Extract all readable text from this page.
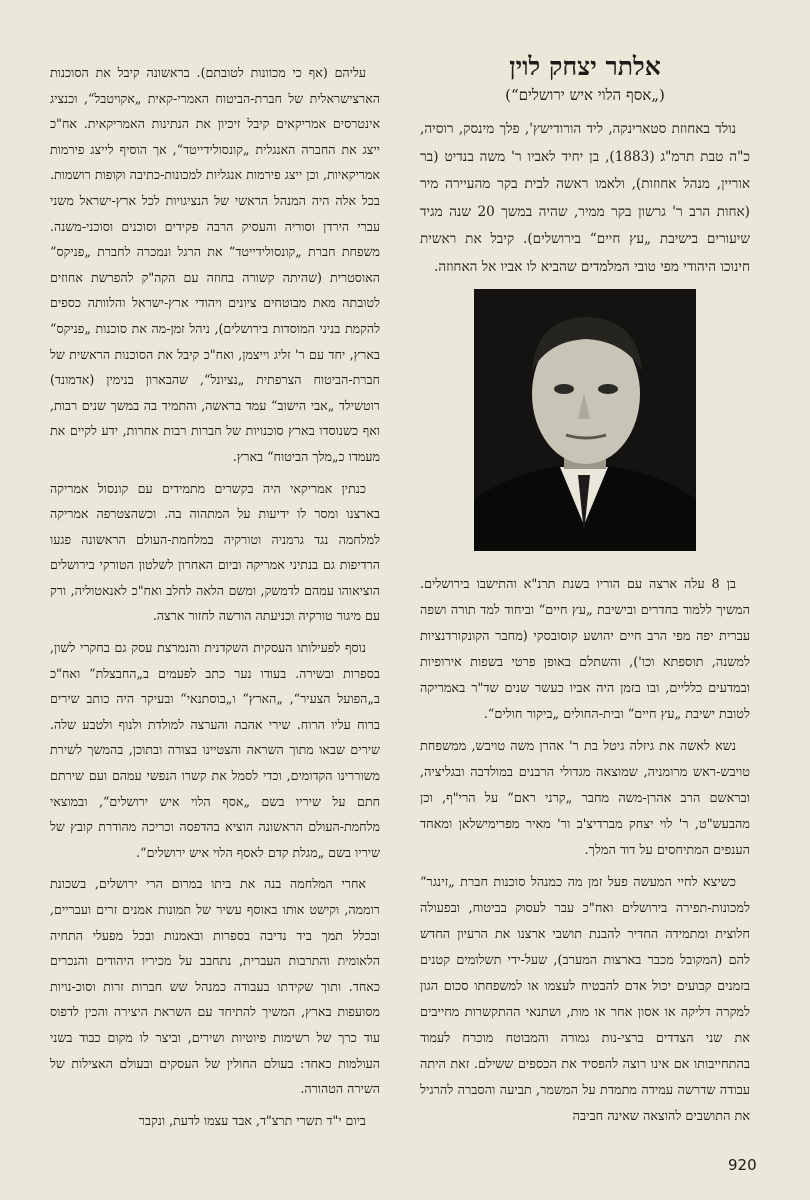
אלתר יצחק לוין

(„אסף הלוי איש ירושלים“)

נולד באחוזת סטארינקה, ליד הורודישץ', פלך מינסק, רוסיה, כ"ה טבת תרמ"ג (1883), בן יחיד לאביו ר' משה בנדיט (בר אוריין, מנהל אחוזות), ולאמו ראשה לבית בקר מהעיירה מיר (אחות הרב ר' גרשון בקר ממיר, שהיה במשך 20 שנה מגיד שיעורים בישיבת „עץ חיים“ בירושלים). קיבל את ראשית חינוכו היהודי מפי טובי המלמדים שהביא לו אביו אל האחוזה.

בן 8 עלה ארצה עם הוריו בשנת תרנ"א והתישבו בירושלים. המשיך ללמוד בחדרים ובישיבת „עץ חיים“ וביחוד למד תורה ושפה עברית יפה מפי הרב חיים יהושע קוסובסקי (מחבר הקונקורדנציות למשנה, תוספתא וכו'), והשתלם באופן פרטי בשפות אירופיות ובמדעים כלליים, ובו בזמן היה אביו כעשר שנים שד"ר באמריקה לטובת ישיבת „עץ חיים“ ובית-החולים „ביקור חולים“.

נשא לאשה את גיזלה גיטל בת ר' אהרן משה טויבש, ממשפחת טויבש-ראש מרומניה, שמוצאה מגדולי הרבנים במולדבה ובגליציה, ובראשם הרב אהרן-משה מחבר „קרני ראם“ על הרי"ף, וכן מהבעש"ט, ר' לוי יצחק מברדיצ'ב ור' מאיר מפרימישלאן ומאחד הענפים המתיחסים על דוד המלך.

כשיצא לחיי המעשה פעל זמן מה כמנהל סוכנות חברת „זינגר“ למכונות-תפירה בירושלים ואח"כ עבר לעסוק בביטוח, ובפעולה חלוצית ומתמידה החדיר להבנת תושבי ארצנו את הרעיון החדש להם (המקובל מכבר בארצות המערב), שעל-ידי תשלומים קטנים בזמנים קבועים יכול אדם להבטיח לעצמו או למשפחתו סכום הגון למקרה דליקה או אסון אחר או מות, ושתנאי ההתקשרות מחייבים את שני הצדדים ברצי-נות גמורה והמבוטח מוכרח לעמוד בהתחייבותו אם אינו רוצה להפסיד את הכספים ששילם. זאת היתה עבודה שדרשה עמידה מתמדת על המשמר, תביעה והסברה להרגיל את התושבים להוצאה שאינה חביבה

עליהם (אף כי מכוונות לטובתם). בראשונה קיבל את הסוכנות הארצישראלית של חברת-הביטוח האמרי-קאית „אקויטבל“, וכנציג אינטרסים אמריקאים קיבל זיכיון את הנתינות האמריקאית. אח"כ ייצג את החברה האנגלית „קונסולידייטד“, אך הוסיף לייצג פירמות אמריקאיות, וכן ייצג פירמות אנגליות למכונות-כתיבה וקופות רושמות. בכל אלה היה המנהל הראשי של הנציגויות לכל ארץ-ישראל משני עברי הירדן וסוריה והעסיק הרבה פקידים וסוכנים וסוכני-משנה. משפחת חברת „קונסולידייטד“ את הרגל ונמכרה לחברת „פניקס“ האוסטרית (שהיתה קשורה בחוזה עם הקה"ק להפרשת אחוזים לטובתה מאת מבוטחים ציונים ויהודי ארץ-ישראל והלוותה כספים להקמת בניני המוסדות בירושלים), ניהל זמן-מה את סוכנות „פניקס“ בארץ, יחד עם ר' זליג וייצמן, ואח"כ קיבל את הסוכנות הראשית של חברת-הביטוח הצרפתית „נציונל“, שהבארון בנימין (אדמונד) רוטשילד „אבי הישוב“ עמד בראשה, והתמיד בה במשך שנים רבות, ואף כשנוסדו בארץ סוכנויות של חברות רבות אחרות, ידע לקיים את מעמדו כ„מלך הביטוח“ בארץ.

כנתין אמריקאי היה בקשרים מתמידים עם קונסול אמריקה בארצנו ומסר לו ידיעות על המתהוה בה. וכשהצטרפה אמריקה למלחמה נגד גרמניה וטורקיה במלחמת-העולם הראשונה פגעו הרדיפות גם בנתיני אמריקה וביום האחרון לשלטון הטורקי בירושלים הוציאוהו עמהם לדמשק, ומשם הלאה לחלב ואח"כ לאנאטוליה, ורק עם מיגור טורקיה וכניעתה הורשה לחזור ארצה.

נוסף לפעילותו העסקית השקדנית והנמרצת עסק גם בחקרי לשון, בספרות ובשירה. בעודו נער כתב לפעמים ב„החבצלת“ ואח"כ ב„הפועל הצעיר“, „הארץ“ ו„בוסתנאי“ ובעיקר היה כותב שירים ברוח עליו הרוח. שירי אהבה והערצה למולדת ולנוף ולטבע שלה. שירים שבאו מתוך השראה והצטיינו בצורה ובתוכן, בהמשך לשירת משוררינו הקדומים, וכדי לסמל את קשרו הנפשי עמהם ועם שירתם חתם על שיריו בשם „אסף הלוי איש ירושלים“, ובמוצאי מלחמת-העולם הראשונה הוציא בהדפסה וכריכה מהודרת קובץ של שיריו בשם „מגלת קדם לאסף הלוי איש ירושלים“.

אחרי המלחמה בנה את ביתו במרום הרי ירושלים, בשכונת רוממה, וקישט אותו באוסף עשיר של תמונות אמנים זרים ועבריים, ובכלל תמך ביד נדיבה בספרות ובאמנות ובכל מפעלי התחיה הלאומית והתרבות העברית, נתחבב על מכיריו היהודים והנכרים כאחד. ותוך שקידתו בעבודה כמנהל שש חברות זרות וסוכ-נויות מסועפות בארץ, המשיך להתיחד עם השראת היצירה והכין לדפוס עוד כרך של רשימות פיוטיות ושירים, וביצר לו מקום כבוד בשני העולמות כאחד: בעולם החולין של העסקים ובעולם האצילות של השירה הטהורה.

ביום י"ד תשרי תרצ"ד, אבד עצמו לדעת, ונקבר

920
